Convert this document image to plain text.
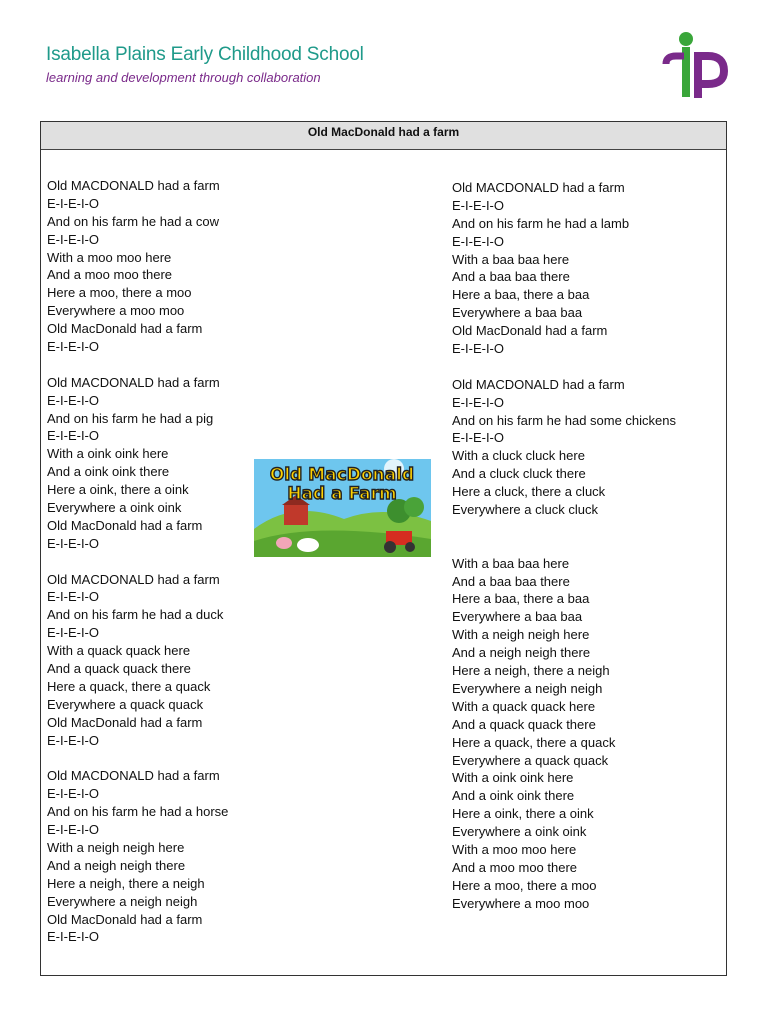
Isabella Plains Early Childhood School
learning and development through collaboration
Old MacDonald had a farm
Old MACDONALD had a farm
E-I-E-I-O
And on his farm he had a cow
E-I-E-I-O
With a moo moo here
And a moo moo there
Here a moo, there a moo
Everywhere a moo moo
Old MacDonald had a farm
E-I-E-I-O
Old MACDONALD had a farm
E-I-E-I-O
And on his farm he had a pig
E-I-E-I-O
With a oink oink here
And a oink oink there
Here a oink, there a oink
Everywhere a oink oink
Old MacDonald had a farm
E-I-E-I-O
Old MACDONALD had a farm
E-I-E-I-O
And on his farm he had a duck
E-I-E-I-O
With a quack quack here
And a quack quack there
Here a quack, there a quack
Everywhere a quack quack
Old MacDonald had a farm
E-I-E-I-O
Old MACDONALD had a farm
E-I-E-I-O
And on his farm he had a horse
E-I-E-I-O
With a neigh neigh here
And a neigh neigh there
Here a neigh, there a neigh
Everywhere a neigh neigh
Old MacDonald had a farm
E-I-E-I-O
Old MACDONALD had a farm
E-I-E-I-O
And on his farm he had a lamb
E-I-E-I-O
With a baa baa here
And a baa baa there
Here a baa, there a baa
Everywhere a baa baa
Old MacDonald had a farm
E-I-E-I-O
Old MACDONALD had a farm
E-I-E-I-O
And on his farm he had some chickens
E-I-E-I-O
With a cluck cluck here
And a cluck cluck there
Here a cluck, there a cluck
Everywhere a cluck cluck
With a baa baa here
And a baa baa there
Here a baa, there a baa
Everywhere a baa baa
With a neigh neigh here
And a neigh neigh there
Here a neigh, there a neigh
Everywhere a neigh neigh
With a quack quack here
And a quack quack there
Here a quack, there a quack
Everywhere a quack quack
With a oink oink here
And a oink oink there
Here a oink, there a oink
Everywhere a oink oink
With a moo moo here
And a moo moo there
Here a moo, there a moo
Everywhere a moo moo
Old MacDonald
Had a Farm
